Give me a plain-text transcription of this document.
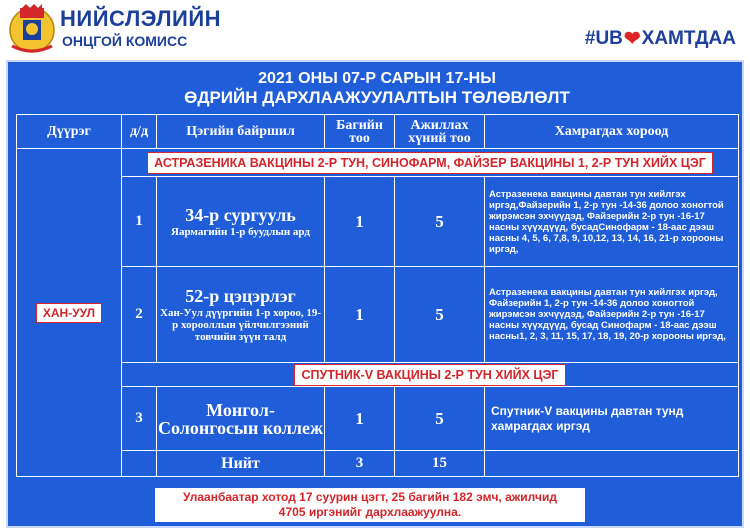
НИЙСЛЭЛИЙН
ОНЦГОЙ КОМИСС	#UB ❤ ХАМТДАА
2021 ОНЫ 07-Р САРЫН 17-НЫ
ӨДРИЙН ДАРХЛААЖУУЛАЛТЫН ТӨЛӨВЛӨЛТ
Дүүрэг	д/д	Цэгийн байршил	Багийн тоо	Ажиллах хүний тоо	Хамрагдах хороод
ХАН-УУЛ	АСТРАЗЕНИКА ВАКЦИНЫ 2-Р ТУН, СИНОФАРМ, ФАЙЗЕР ВАКЦИНЫ 1, 2-Р ТУН ХИЙХ ЦЭГ				
	1	34-р сургууль
Яармагийн 1-р буудлын ард	1	5	Астразенека вакцины давтан тун хийлгэх иргэд,Файзерийн 1, 2-р тун -14-36 долоо хоногтой жирэмсэн эхчүүдэд, Файзерийн 2-р тун -16-17 насны хүүхдүүд, бусадСинофарм - 18-аас дээш насны 4, 5, 6, 7,8, 9, 10,12, 13, 14, 16, 21-р хорооны иргэд,
	2	52-р цэцэрлэг
Хан-Уул дүүргийн 1-р хороо, 19-р хорооллын үйлчилгээний товчийн зүүн талд	1	5	Астразенека вакцины давтан тун хийлгэх иргэд, Файзерийн 1, 2-р тун -14-36 долоо хоногтой жирэмсэн эхчүүдэд, Файзерийн 2-р тун -16-17 насны хүүхдүүд, бусад Синофарм - 18-аас дээш насны1, 2, 3, 11, 15, 17, 18, 19, 20-р хорооны иргэд,
	СПУТНИК-V ВАКЦИНЫ 2-Р ТУН ХИЙХ ЦЭГ				
	3	Монгол-Солонгосын коллеж	1	5	Спутник-V вакцины давтан тунд хамрагдах иргэд
		Нийт	3	15	
Улаанбаатар хотод 17 суурин цэгт, 25 багийн 182 эмч, ажилчид
4705 иргэнийг дархлаажуулна.
